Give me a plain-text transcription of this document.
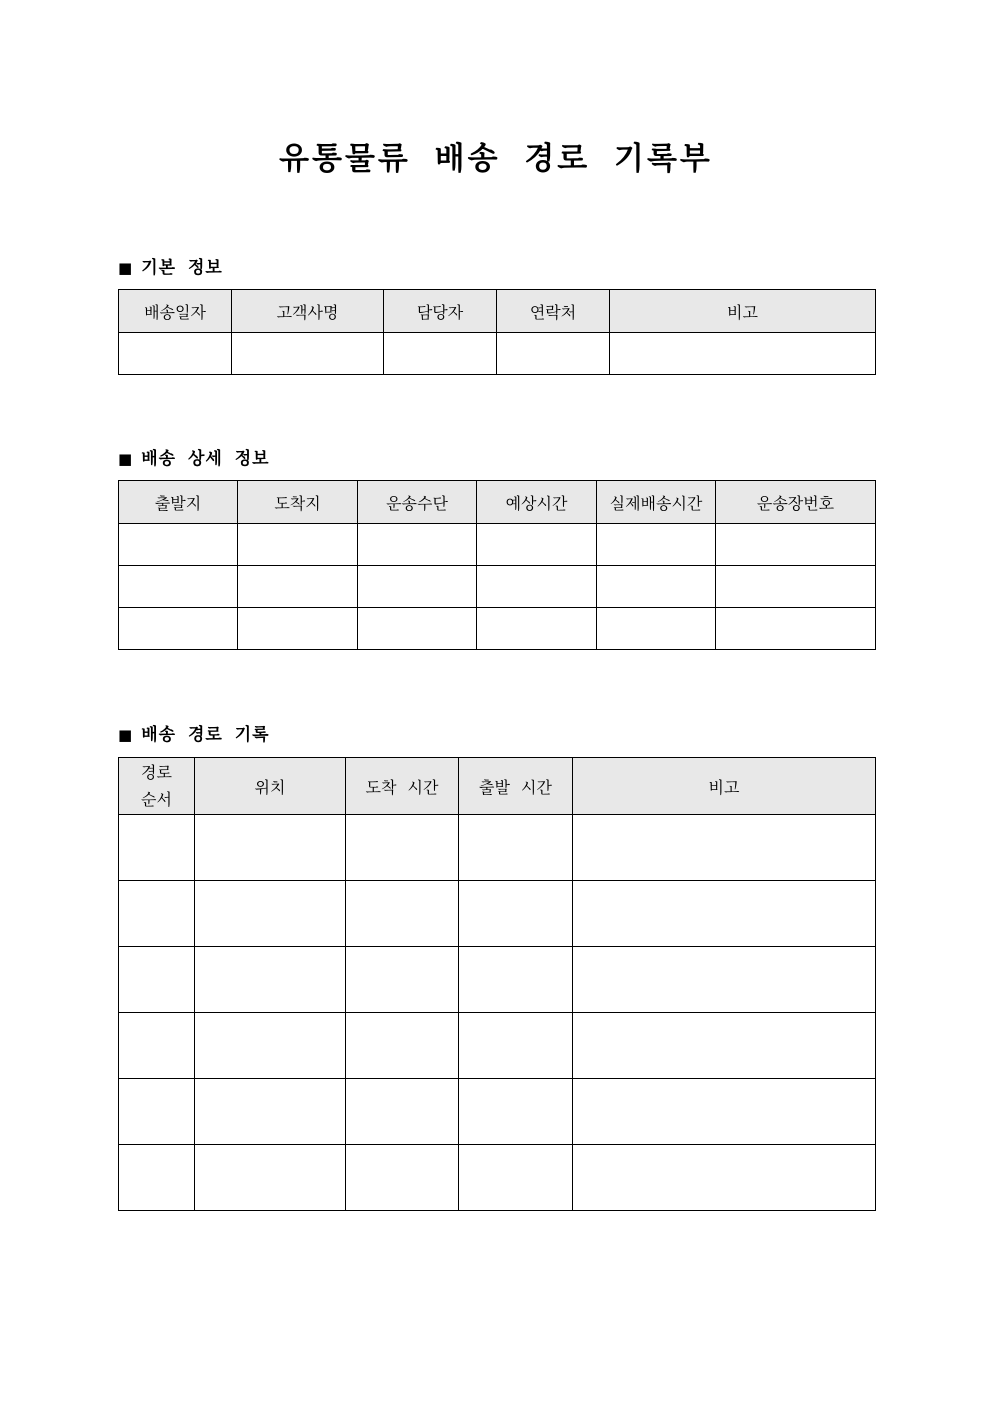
유통물류 배송 경로 기록부
■ 기본 정보
배송일자	고객사명	담당자	연락처	비고

■ 배송 상세 정보
출발지	도착지	운송수단	예상시간	실제배송시간	운송장번호

■ 배송 경로 기록
경로 순서	위치	도착 시간	출발 시간	비고
